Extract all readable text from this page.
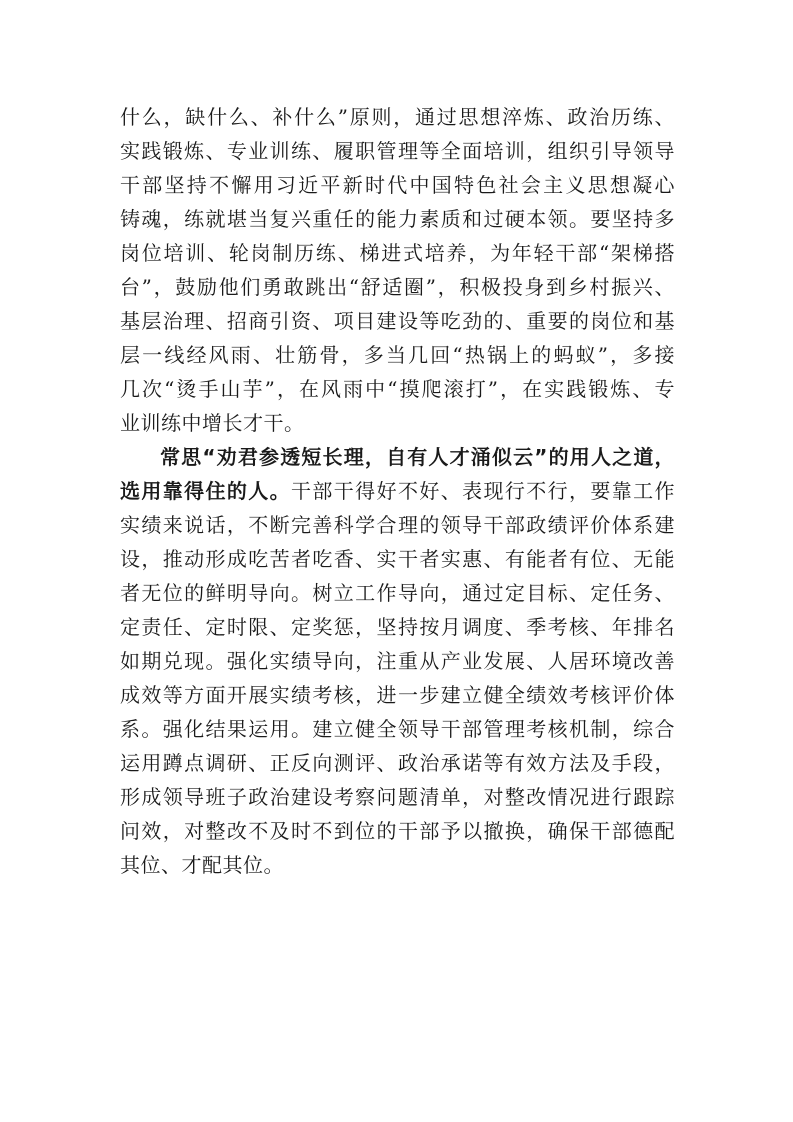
什么，缺什么、补什么”原则，通过思想淬炼、政治历练、
实践锻炼、专业训练、履职管理等全面培训，组织引导领导
干部坚持不懈用习近平新时代中国特色社会主义思想凝心
铸魂，练就堪当复兴重任的能力素质和过硬本领。要坚持多
岗位培训、轮岗制历练、梯进式培养，为年轻干部“架梯搭
台”，鼓励他们勇敢跳出“舒适圈”，积极投身到乡村振兴、
基层治理、招商引资、项目建设等吃劲的、重要的岗位和基
层一线经风雨、壮筋骨，多当几回“热锅上的蚂蚁”，多接
几次“烫手山芋”，在风雨中“摸爬滚打”，在实践锻炼、专
业训练中增长才干。
常思“劝君参透短长理，自有人才涌似云”的用人之道，
选用靠得住的人。干部干得好不好、表现行不行，要靠工作
实绩来说话，不断完善科学合理的领导干部政绩评价体系建
设，推动形成吃苦者吃香、实干者实惠、有能者有位、无能
者无位的鲜明导向。树立工作导向，通过定目标、定任务、
定责任、定时限、定奖惩，坚持按月调度、季考核、年排名
如期兑现。强化实绩导向，注重从产业发展、人居环境改善
成效等方面开展实绩考核，进一步建立健全绩效考核评价体
系。强化结果运用。建立健全领导干部管理考核机制，综合
运用蹲点调研、正反向测评、政治承诺等有效方法及手段，
形成领导班子政治建设考察问题清单，对整改情况进行跟踪
问效，对整改不及时不到位的干部予以撤换，确保干部德配
其位、才配其位。
